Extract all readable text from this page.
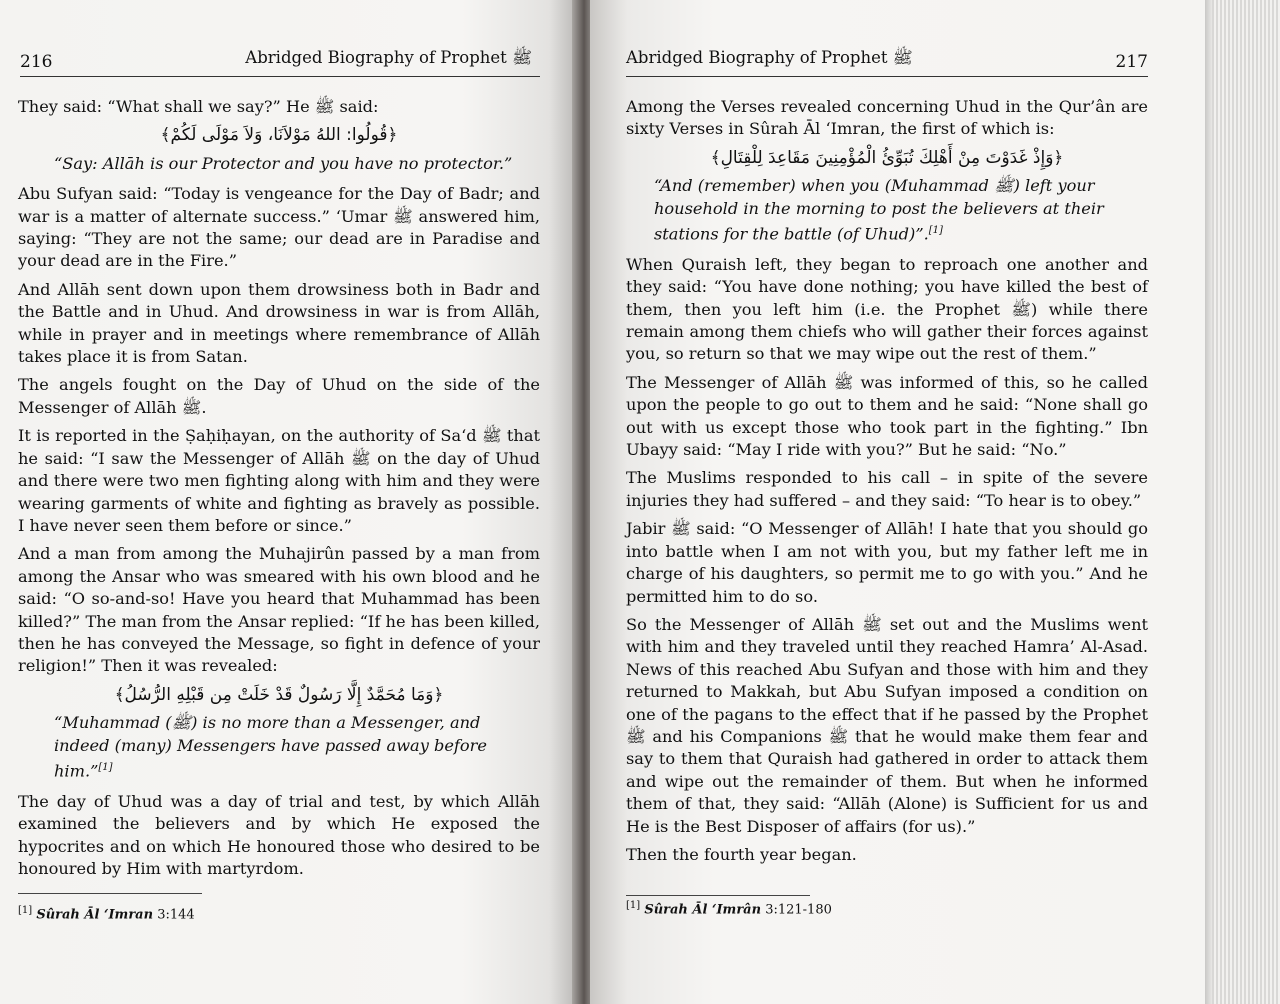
216	Abridged Biography of Prophet ﷺ

They said: “What shall we say?” He ﷺ said:

﴿قُولُوا: اللهُ مَوْلاَنَا، وَلاَ مَوْلَى لَكُمْ﴾

“Say: Allāh is our Protector and you have no protector.”

Abu Sufyan said: “Today is vengeance for the Day of Badr; and war is a matter of alternate success.” ‘Umar ﷺ answered him, saying: “They are not the same; our dead are in Paradise and your dead are in the Fire.”

And Allāh sent down upon them drowsiness both in Badr and the Battle and in Uhud. And drowsiness in war is from Allāh, while in prayer and in meetings where remembrance of Allāh takes place it is from Satan.

The angels fought on the Day of Uhud on the side of the Messenger of Allāh ﷺ.

It is reported in the Ṣaḥiḥayan, on the authority of Sa‘d ﷺ that he said: “I saw the Messenger of Allāh ﷺ on the day of Uhud and there were two men fighting along with him and they were wearing garments of white and fighting as bravely as possible. I have never seen them before or since.”

And a man from among the Muhajirûn passed by a man from among the Ansar who was smeared with his own blood and he said: “O so-and-so! Have you heard that Muhammad has been killed?” The man from the Ansar replied: “If he has been killed, then he has conveyed the Message, so fight in defence of your religion!” Then it was revealed:

﴿وَمَا مُحَمَّدٌ إِلَّا رَسُولٌ قَدْ خَلَتْ مِن قَبْلِهِ الرُّسُلُ﴾

“Muhammad (ﷺ) is no more than a Messenger, and indeed (many) Messengers have passed away before him.”[1]

The day of Uhud was a day of trial and test, by which Allāh examined the believers and by which He exposed the hypocrites and on which He honoured those who desired to be honoured by Him with martyrdom.

[1] Sûrah Āl ‘Imran 3:144
Abridged Biography of Prophet ﷺ	217

Among the Verses revealed concerning Uhud in the Qur’ân are sixty Verses in Sûrah Āl ‘Imran, the first of which is:

﴿وَإِذْ غَدَوْتَ مِنْ أَهْلِكَ تُبَوِّئُ الْمُؤْمِنِينَ مَقَاعِدَ لِلْقِتَالِ﴾

“And (remember) when you (Muhammad ﷺ) left your household in the morning to post the believers at their stations for the battle (of Uhud)”.[1]

When Quraish left, they began to reproach one another and they said: “You have done nothing; you have killed the best of them, then you left him (i.e. the Prophet ﷺ) while there remain among them chiefs who will gather their forces against you, so return so that we may wipe out the rest of them.”

The Messenger of Allāh ﷺ was informed of this, so he called upon the people to go out to them and he said: “None shall go out with us except those who took part in the fighting.” Ibn Ubayy said: “May I ride with you?” But he said: “No.”

The Muslims responded to his call – in spite of the severe injuries they had suffered – and they said: “To hear is to obey.”

Jabir ﷺ said: “O Messenger of Allāh! I hate that you should go into battle when I am not with you, but my father left me in charge of his daughters, so permit me to go with you.” And he permitted him to do so.

So the Messenger of Allāh ﷺ set out and the Muslims went with him and they traveled until they reached Hamra’ Al-Asad. News of this reached Abu Sufyan and those with him and they returned to Makkah, but Abu Sufyan imposed a condition on one of the pagans to the effect that if he passed by the Prophet ﷺ and his Companions ﷺ that he would make them fear and say to them that Quraish had gathered in order to attack them and wipe out the remainder of them. But when he informed them of that, they said: “Allāh (Alone) is Sufficient for us and He is the Best Disposer of affairs (for us).”

Then the fourth year began.

[1] Sûrah Āl ‘Imrân 3:121-180
